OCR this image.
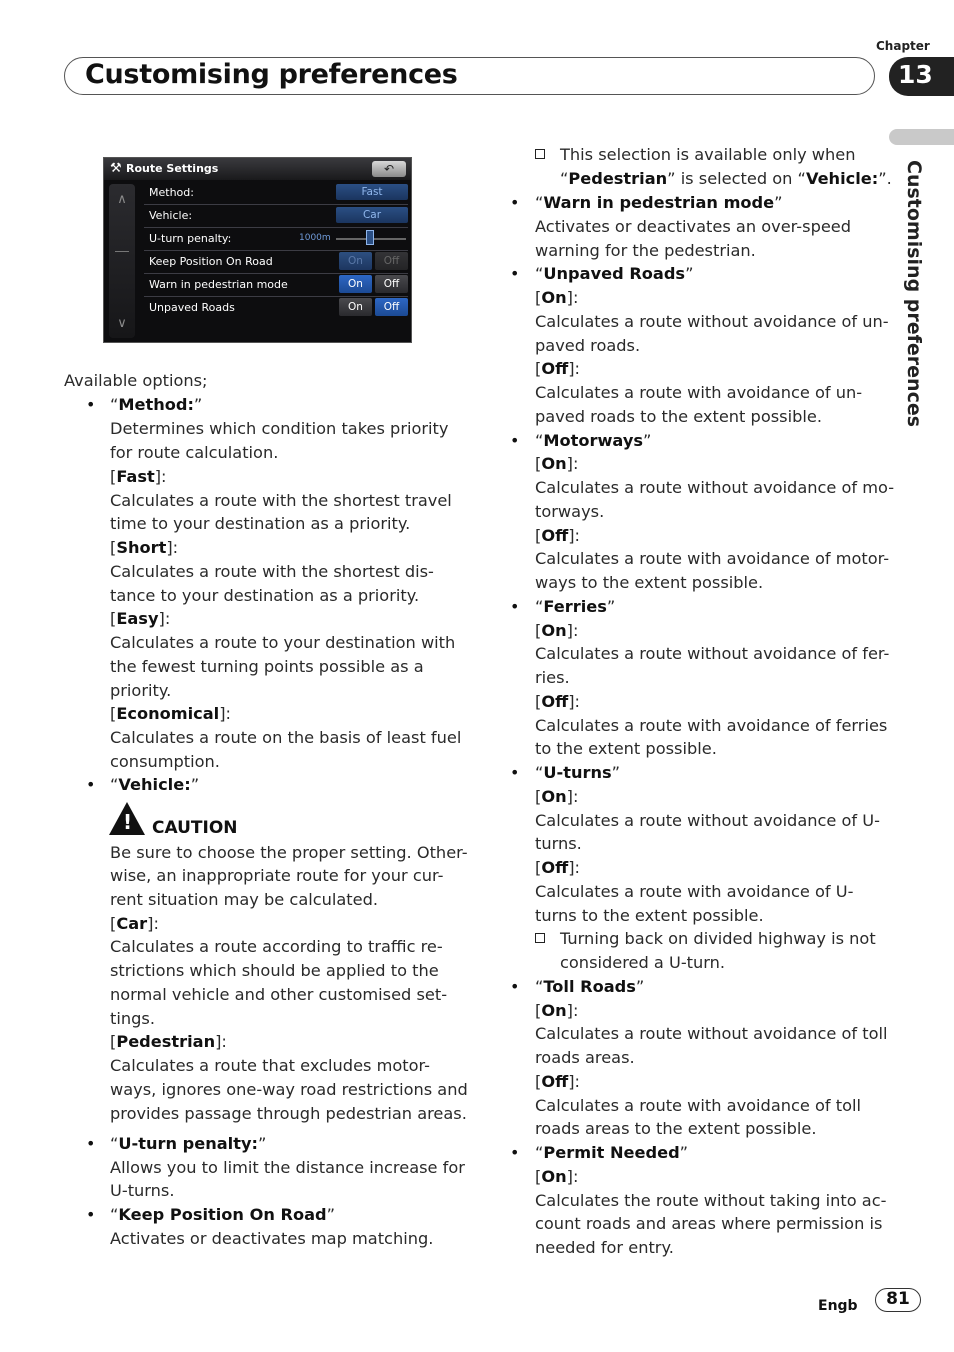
Chapter
Customising preferences	13
Customising preferences
⚒ Route Settings	↶
∧
∨
Method:	Fast
Vehicle:	Car
U-turn penalty:	1000m
Keep Position On Road	On	Off
Warn in pedestrian mode	On	Off
Unpaved Roads	On	Off
Available options;
• “Method:”
Determines which condition takes priority
for route calculation.
[Fast]:
Calculates a route with the shortest travel
time to your destination as a priority.
[Short]:
Calculates a route with the shortest dis-
tance to your destination as a priority.
[Easy]:
Calculates a route to your destination with
the fewest turning points possible as a
priority.
[Economical]:
Calculates a route on the basis of least fuel
consumption.
• “Vehicle:”
! CAUTION
Be sure to choose the proper setting. Other-
wise, an inappropriate route for your cur-
rent situation may be calculated.
[Car]:
Calculates a route according to traffic re-
strictions which should be applied to the
normal vehicle and other customised set-
tings.
[Pedestrian]:
Calculates a route that excludes motor-
ways, ignores one-way road restrictions and
provides passage through pedestrian areas.
• “U-turn penalty:”
Allows you to limit the distance increase for
U-turns.
• “Keep Position On Road”
Activates or deactivates map matching.
This selection is available only when
“Pedestrian” is selected on “Vehicle:”.
• “Warn in pedestrian mode”
Activates or deactivates an over-speed
warning for the pedestrian.
• “Unpaved Roads”
[On]:
Calculates a route without avoidance of un-
paved roads.
[Off]:
Calculates a route with avoidance of un-
paved roads to the extent possible.
• “Motorways”
[On]:
Calculates a route without avoidance of mo-
torways.
[Off]:
Calculates a route with avoidance of motor-
ways to the extent possible.
• “Ferries”
[On]:
Calculates a route without avoidance of fer-
ries.
[Off]:
Calculates a route with avoidance of ferries
to the extent possible.
• “U-turns”
[On]:
Calculates a route without avoidance of U-
turns.
[Off]:
Calculates a route with avoidance of U-
turns to the extent possible.
Turning back on divided highway is not
considered a U-turn.
• “Toll Roads”
[On]:
Calculates a route without avoidance of toll
roads areas.
[Off]:
Calculates a route with avoidance of toll
roads areas to the extent possible.
• “Permit Needed”
[On]:
Calculates the route without taking into ac-
count roads and areas where permission is
needed for entry.
Engb	81
